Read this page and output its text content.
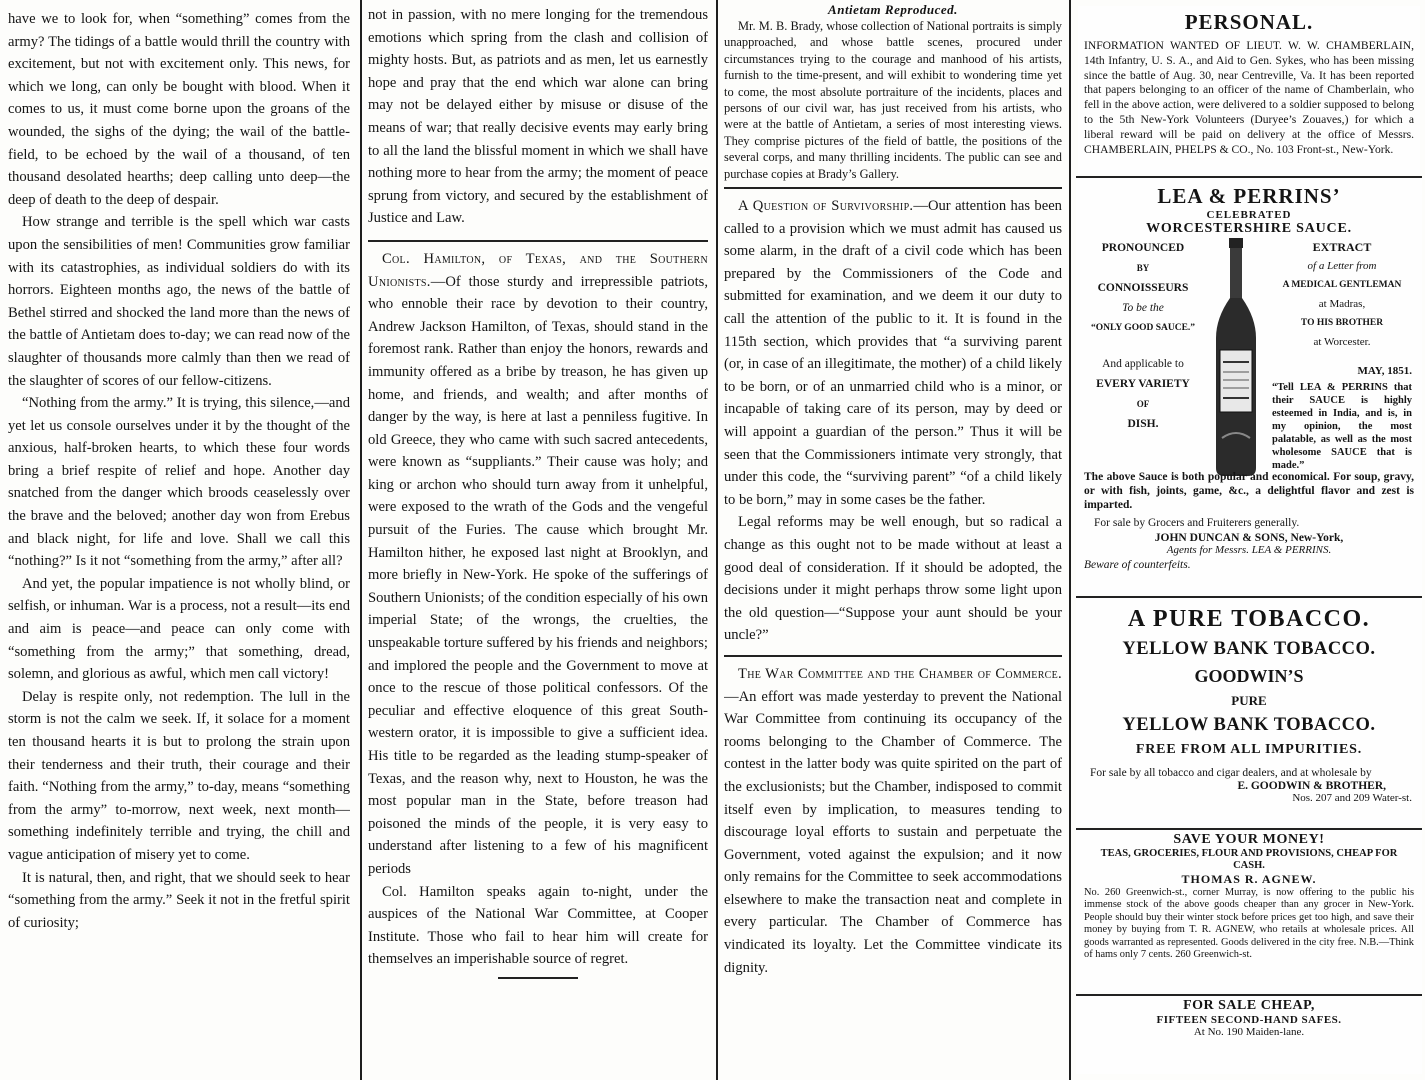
have we to look for, when “something” comes from the army? The tidings of a battle would thrill the country with excitement, but not with excitement only. This news, for which we long, can only be bought with blood. When it comes to us, it must come borne upon the groans of the wounded, the sighs of the dying; the wail of the battle-field, to be echoed by the wail of a thousand, of ten thousand desolated hearths; deep calling unto deep—the deep of death to the deep of despair.

How strange and terrible is the spell which war casts upon the sensibilities of men! Communities grow familiar with its catastrophies, as individual soldiers do with its horrors. Eighteen months ago, the news of the battle of Bethel stirred and shocked the land more than the news of the battle of Antietam does to-day; we can read now of the slaughter of thousands more calmly than then we read of the slaughter of scores of our fellow-citizens.

“Nothing from the army.” It is trying, this silence,—and yet let us console ourselves under it by the thought of the anxious, half-broken hearts, to which these four words bring a brief respite of relief and hope. Another day snatched from the danger which broods ceaselessly over the brave and the beloved; another day won from Erebus and black night, for life and love. Shall we call this “nothing?” Is it not “something from the army,” after all?

And yet, the popular impatience is not wholly blind, or selfish, or inhuman. War is a process, not a result—its end and aim is peace—and peace can only come with “something from the army;” that something, dread, solemn, and glorious as awful, which men call victory!

Delay is respite only, not redemption. The lull in the storm is not the calm we seek. If, it solace for a moment ten thousand hearts it is but to prolong the strain upon their tenderness and their truth, their courage and their faith. “Nothing from the army,” to-day, means “something from the army” to-morrow, next week, next month—something indefinitely terrible and trying, the chill and vague anticipation of misery yet to come.

It is natural, then, and right, that we should seek to hear “something from the army.” Seek it not in the fretful spirit of curiosity;

not in passion, with no mere longing for the tremendous emotions which spring from the clash and collision of mighty hosts. But, as patriots and as men, let us earnestly hope and pray that the end which war alone can bring may not be delayed either by misuse or disuse of the means of war; that really decisive events may early bring to all the land the blissful moment in which we shall have nothing more to hear from the army; the moment of peace sprung from victory, and secured by the establishment of Justice and Law.

Col. Hamilton, of Texas, and the Southern Unionists.—Of those sturdy and irrepressible patriots, who ennoble their race by devotion to their country, Andrew Jackson Hamilton, of Texas, should stand in the foremost rank. Rather than enjoy the honors, rewards and immunity offered as a bribe by treason, he has given up home, and friends, and wealth; and after months of danger by the way, is here at last a penniless fugitive. In old Greece, they who came with such sacred antecedents, were known as “suppliants.” Their cause was holy; and king or archon who should turn away from it unhelpful, were exposed to the wrath of the Gods and the vengeful pursuit of the Furies. The cause which brought Mr. Hamilton hither, he exposed last night at Brooklyn, and more briefly in New-York. He spoke of the sufferings of Southern Unionists; of the condition especially of his own imperial State; of the wrongs, the cruelties, the unspeakable torture suffered by his friends and neighbors; and implored the people and the Government to move at once to the rescue of those political confessors. Of the peculiar and effective eloquence of this great South-western orator, it is impossible to give a sufficient idea. His title to be regarded as the leading stump-speaker of Texas, and the reason why, next to Houston, he was the most popular man in the State, before treason had poisoned the minds of the people, it is very easy to understand after listening to a few of his magnificent periods

Col. Hamilton speaks again to-night, under the auspices of the National War Committee, at Cooper Institute. Those who fail to hear him will create for themselves an imperishable source of regret.

Antietam Reproduced.

Mr. M. B. Brady, whose collection of National portraits is simply unapproached, and whose battle scenes, procured under circumstances trying to the courage and manhood of his artists, furnish to the time-present, and will exhibit to wondering time yet to come, the most absolute portraiture of the incidents, places and persons of our civil war, has just received from his artists, who were at the battle of Antietam, a series of most interesting views. They comprise pictures of the field of battle, the positions of the several corps, and many thrilling incidents. The public can see and purchase copies at Brady’s Gallery.

A Question of Survivorship.—Our attention has been called to a provision which we must admit has caused us some alarm, in the draft of a civil code which has been prepared by the Commissioners of the Code and submitted for examination, and we deem it our duty to call the attention of the public to it. It is found in the 115th section, which provides that “a surviving parent (or, in case of an illegitimate, the mother) of a child likely to be born, or of an unmarried child who is a minor, or incapable of taking care of its person, may by deed or will appoint a guardian of the person.” Thus it will be seen that the Commissioners intimate very strongly, that under this code, the “surviving parent” “of a child likely to be born,” may in some cases be the father.

Legal reforms may be well enough, but so radical a change as this ought not to be made without at least a good deal of consideration. If it should be adopted, the decisions under it might perhaps throw some light upon the old question—“Suppose your aunt should be your uncle?”

The War Committee and the Chamber of Commerce.—An effort was made yesterday to prevent the National War Committee from continuing its occupancy of the rooms belonging to the Chamber of Commerce. The contest in the latter body was quite spirited on the part of the exclusionists; but the Chamber, indisposed to commit itself even by implication, to measures tending to discourage loyal efforts to sustain and perpetuate the Government, voted against the expulsion; and it now only remains for the Committee to seek accommodations elsewhere to make the transaction neat and complete in every particular. The Chamber of Commerce has vindicated its loyalty. Let the Committee vindicate its dignity.

PERSONAL.

INFORMATION WANTED OF LIEUT. W. W. CHAMBERLAIN, 14th Infantry, U. S. A., and Aid to Gen. Sykes, who has been missing since the battle of Aug. 30, near Centreville, Va. It has been reported that papers belonging to an officer of the name of Chamberlain, who fell in the above action, were delivered to a soldier supposed to belong to the 5th New-York Volunteers (Duryee’s Zouaves,) for which a liberal reward will be paid on delivery at the office of Messrs. CHAMBERLAIN, PHELPS & CO., No. 103 Front-st., New-York.

LEA & PERRINS’

CELEBRATED

WORCESTERSHIRE SAUCE.

PRONOUNCED
BY
CONNOISSEURS
To be the
“ONLY GOOD SAUCE.”
And applicable to
EVERY VARIETY
OF
DISH.
EXTRACT
of a Letter from
A MEDICAL GENTLEMAN
at Madras,
TO HIS BROTHER
at Worcester.
MAY, 1851.
“Tell LEA & PERRINS that their SAUCE is highly esteemed in India, and is, in my opinion, the most palatable, as well as the most wholesome SAUCE that is made.”

The above Sauce is both popular and economical. For soup, gravy, or with fish, joints, game, &c., a delightful flavor and zest is imparted.

For sale by Grocers and Fruiterers generally.

JOHN DUNCAN & SONS, New-York,

Agents for Messrs. LEA & PERRINS.

Beware of counterfeits.

A PURE TOBACCO.

YELLOW BANK TOBACCO.

GOODWIN’S

PURE

YELLOW BANK TOBACCO.

FREE FROM ALL IMPURITIES.

For sale by all tobacco and cigar dealers, and at wholesale by

E. GOODWIN & BROTHER,

Nos. 207 and 209 Water-st.

SAVE YOUR MONEY!

TEAS, GROCERIES, FLOUR AND PROVISIONS, CHEAP FOR CASH.

THOMAS R. AGNEW.

No. 260 Greenwich-st., corner Murray, is now offering to the public his immense stock of the above goods cheaper than any grocer in New-York. People should buy their winter stock before prices get too high, and save their money by buying from T. R. AGNEW, who retails at wholesale prices. All goods warranted as represented. Goods delivered in the city free. N.B.—Think of hams only 7 cents. 260 Greenwich-st.

FOR SALE CHEAP,

FIFTEEN SECOND-HAND SAFES.

At No. 190 Maiden-lane.
